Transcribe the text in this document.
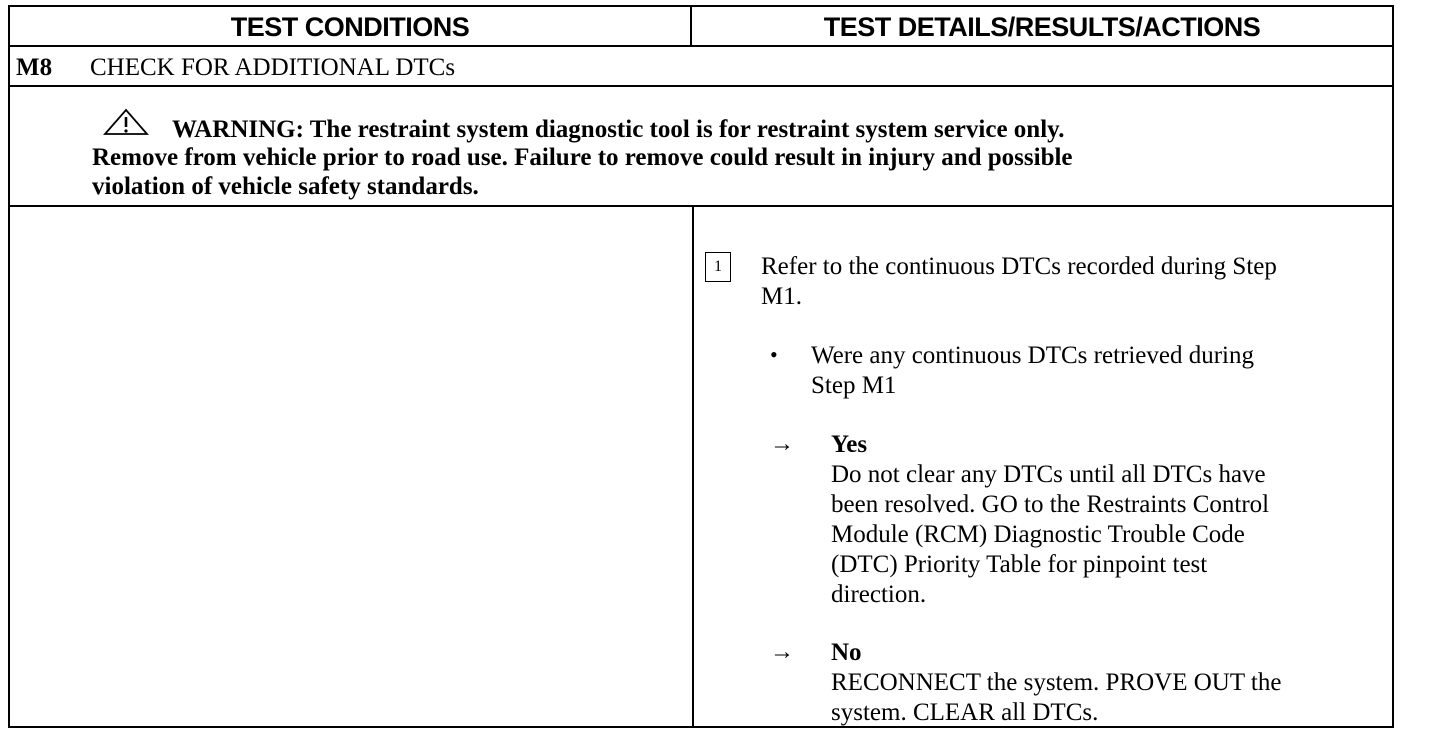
TEST CONDITIONS	TEST DETAILS/RESULTS/ACTIONS
M8 CHECK FOR ADDITIONAL DTCs
WARNING: The restraint system diagnostic tool is for restraint system service only.
Remove from vehicle prior to road use. Failure to remove could result in injury and possible
violation of vehicle safety standards.
1	Refer to the continuous DTCs recorded during Step
M1.
• Were any continuous DTCs retrieved during
Step M1
→ Yes
Do not clear any DTCs until all DTCs have
been resolved. GO to the Restraints Control
Module (RCM) Diagnostic Trouble Code
(DTC) Priority Table for pinpoint test
direction.
→ No
RECONNECT the system. PROVE OUT the
system. CLEAR all DTCs.
